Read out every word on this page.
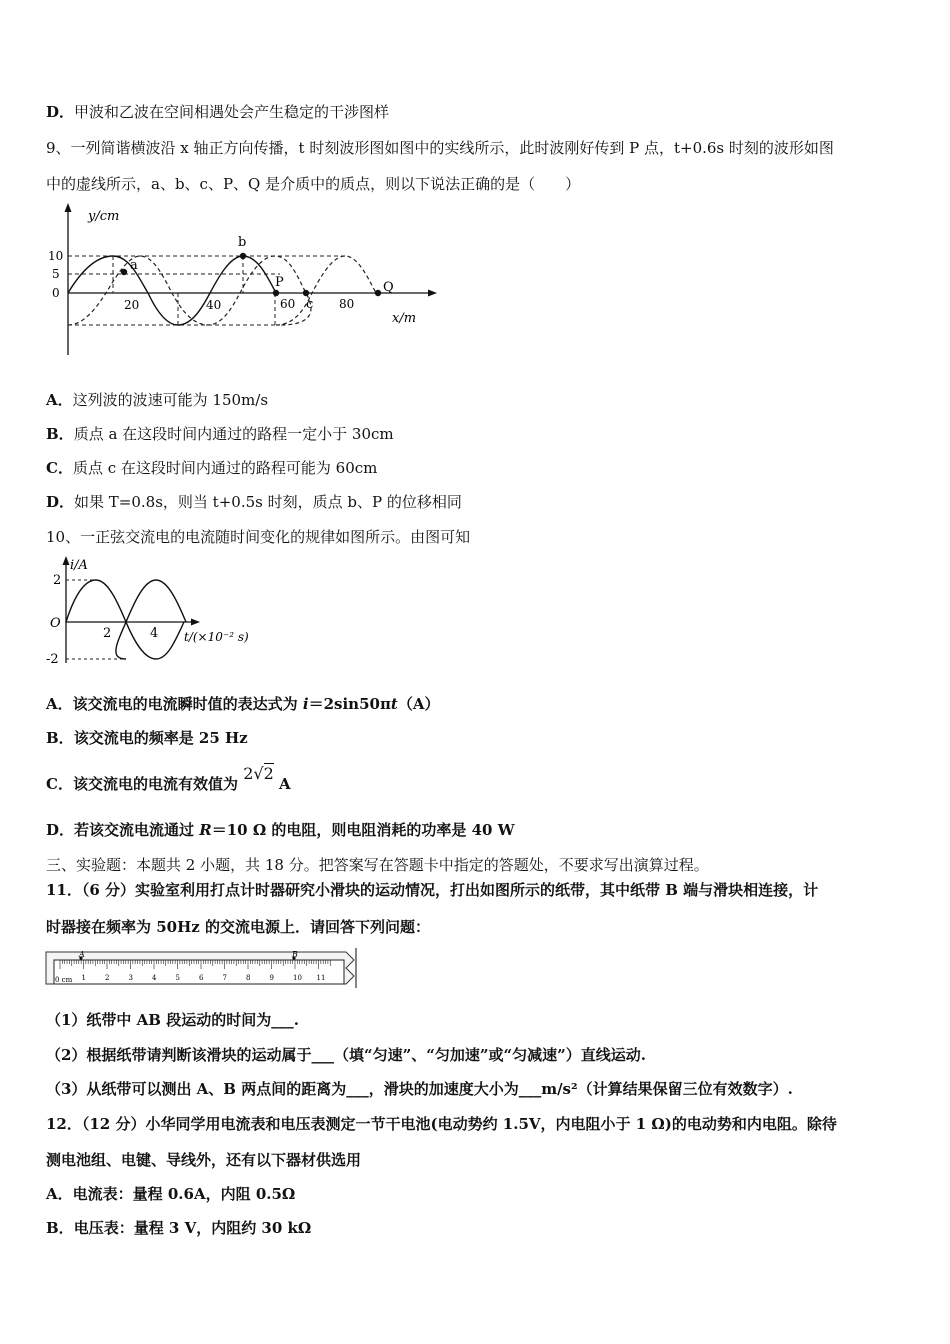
D．甲波和乙波在空间相遇处会产生稳定的干涉图样
9、一列简谐横波沿 x 轴正方向传播，t 时刻波形图如图中的实线所示，此时波刚好传到 P 点，t+0.6s 时刻的波形如图
中的虚线所示，a、b、c、P、Q 是介质中的质点，则以下说法正确的是（　　）
y/cm
x/m
10
5
0
20	40	60	80
a
b
P
c
Q
A．这列波的波速可能为 150m/s
B．质点 a 在这段时间内通过的路程一定小于 30cm
C．质点 c 在这段时间内通过的路程可能为 60cm
D．如果 T=0.8s，则当 t+0.5s 时刻，质点 b、P 的位移相同
10、一正弦交流电的电流随时间变化的规律如图所示。由图可知
i/A
2
O
-2
2	4 t/(×10⁻² s)
A．该交流电的电流瞬时值的表达式为 i＝2sin50πt（A）
B．该交流电的频率是 25 Hz
C．该交流电的电流有效值为 2√2 A
D．若该交流电流通过 R＝10 Ω 的电阻，则电阻消耗的功率是 40 W
三、实验题：本题共 2 小题，共 18 分。把答案写在答题卡中指定的答题处，不要求写出演算过程。
11．（6 分）实验室利用打点计时器研究小滑块的运动情况，打出如图所示的纸带，其中纸带 B 端与滑块相连接，计
时器接在频率为 50Hz 的交流电源上．请回答下列问题：
0 cm 1	2	3	4	5	6	7	8	9	10 11
A	B
（1）纸带中 AB 段运动的时间为___.
（2）根据纸带请判断该滑块的运动属于___（填“匀速”、“匀加速”或“匀减速”）直线运动.
（3）从纸带可以测出 A、B 两点间的距离为___，滑块的加速度大小为___m/s²（计算结果保留三位有效数字）.
12．（12 分）小华同学用电流表和电压表测定一节干电池(电动势约 1.5V，内电阻小于 1 Ω)的电动势和内电阻。除待
测电池组、电键、导线外，还有以下器材供选用
A．电流表：量程 0.6A，内阻 0.5Ω
B．电压表：量程 3 V，内阻约 30 kΩ
